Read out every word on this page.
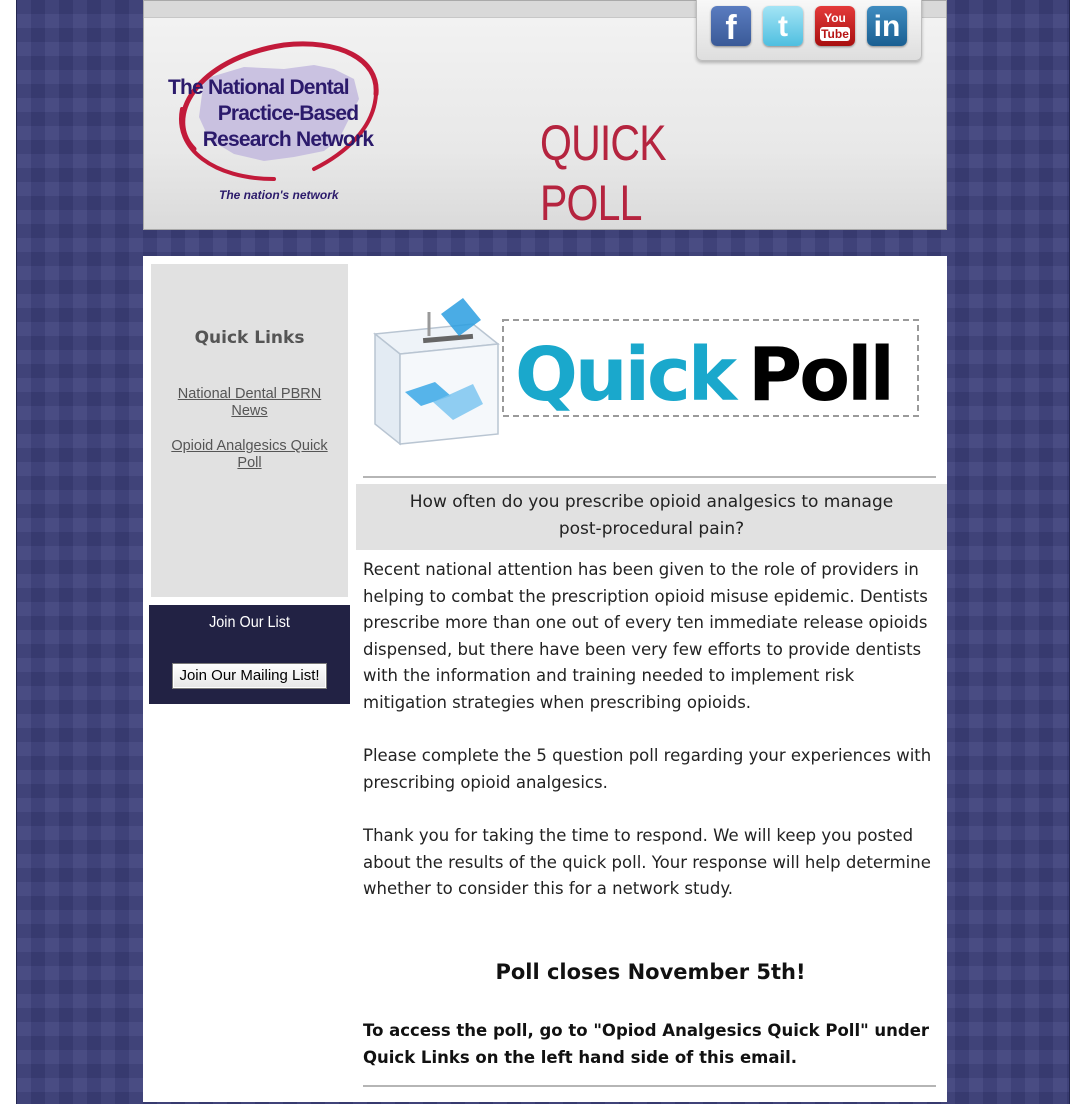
The National Dental
Practice-Based
Research Network
The nation's network
QUICK POLL
f	t	You
Tube in
Quick Links
National Dental PBRN News
Opioid Analgesics Quick Poll
Join Our List
Join Our Mailing List!
Quick Poll
How often do you prescribe opioid analgesics to manage post-procedural pain?
Recent national attention has been given to the role of providers in helping to combat the prescription opioid misuse epidemic. Dentists prescribe more than one out of every ten immediate release opioids dispensed, but there have been very few efforts to provide dentists with the information and training needed to implement risk mitigation strategies when prescribing opioids.
Please complete the 5 question poll regarding your experiences with prescribing opioid analgesics.
Thank you for taking the time to respond. We will keep you posted about the results of the quick poll. Your response will help determine whether to consider this for a network study.
Poll closes November 5th!
To access the poll, go to "Opiod Analgesics Quick Poll" under Quick Links on the left hand side of this email.
